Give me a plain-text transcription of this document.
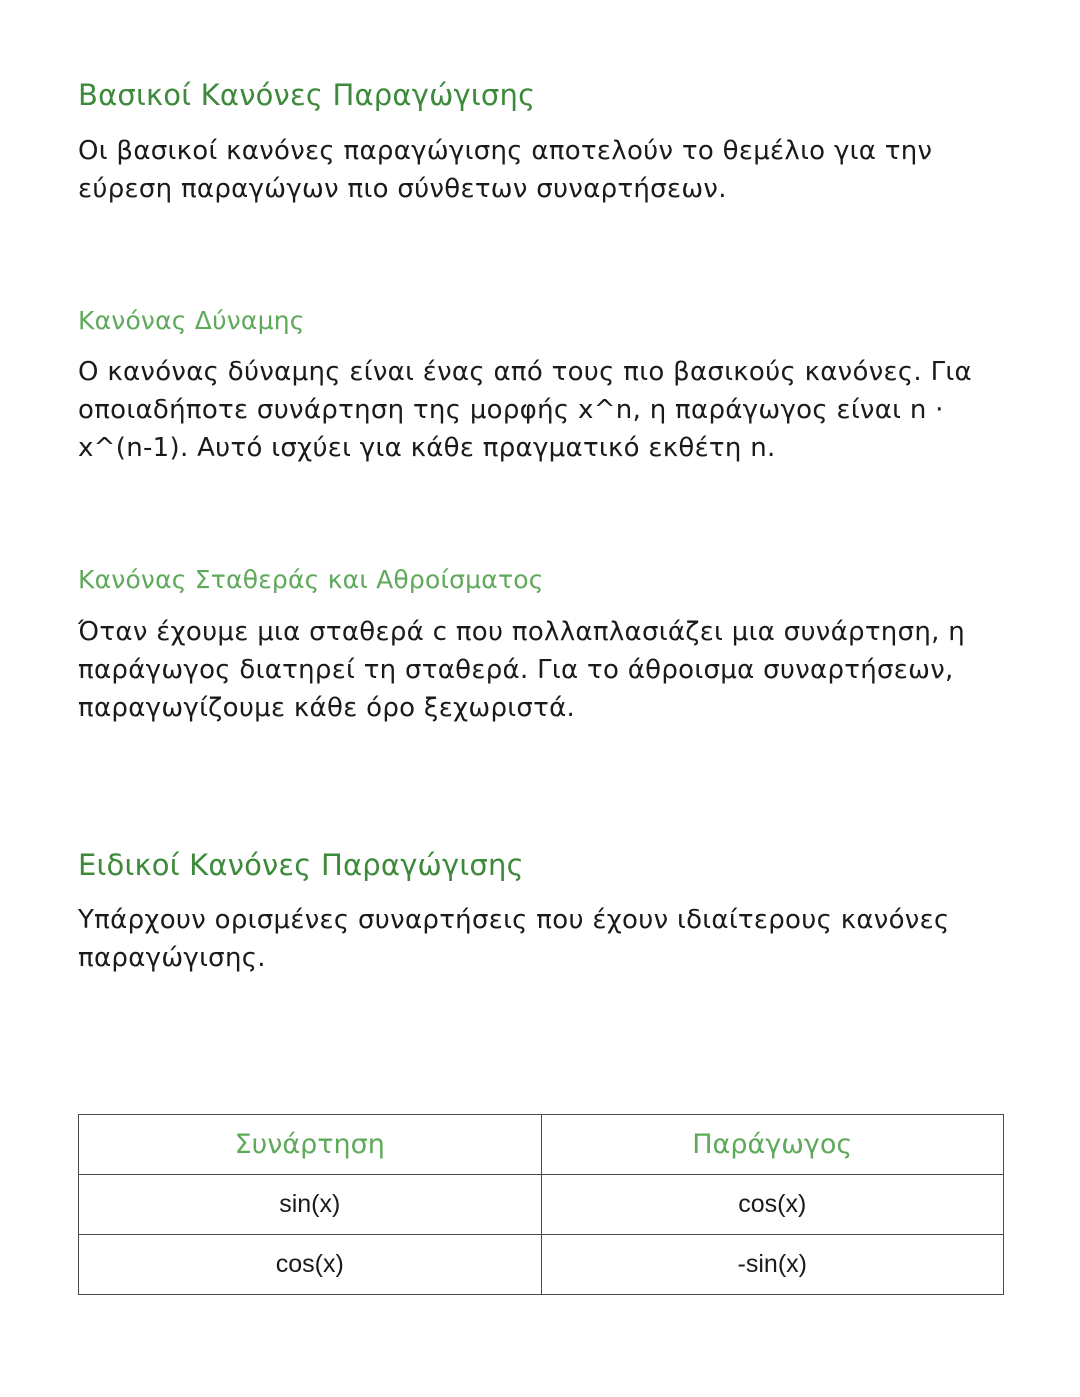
Βασικοί Κανόνες Παραγώγισης

Οι βασικοί κανόνες παραγώγισης αποτελούν το θεμέλιο για την εύρεση παραγώγων πιο σύνθετων συναρτήσεων.

Κανόνας Δύναμης

Ο κανόνας δύναμης είναι ένας από τους πιο βασικούς κανόνες. Για οποιαδήποτε συνάρτηση της μορφής x^n, η παράγωγος είναι n · x^(n-1). Αυτό ισχύει για κάθε πραγματικό εκθέτη n.

Κανόνας Σταθεράς και Αθροίσματος

Όταν έχουμε μια σταθερά c που πολλαπλασιάζει μια συνάρτηση, η παράγωγος διατηρεί τη σταθερά. Για το άθροισμα συναρτήσεων, παραγωγίζουμε κάθε όρο ξεχωριστά.

Ειδικοί Κανόνες Παραγώγισης

Υπάρχουν ορισμένες συναρτήσεις που έχουν ιδιαίτερους κανόνες παραγώγισης.

Συνάρτηση	Παράγωγος
sin(x)	cos(x)
cos(x)	-sin(x)
